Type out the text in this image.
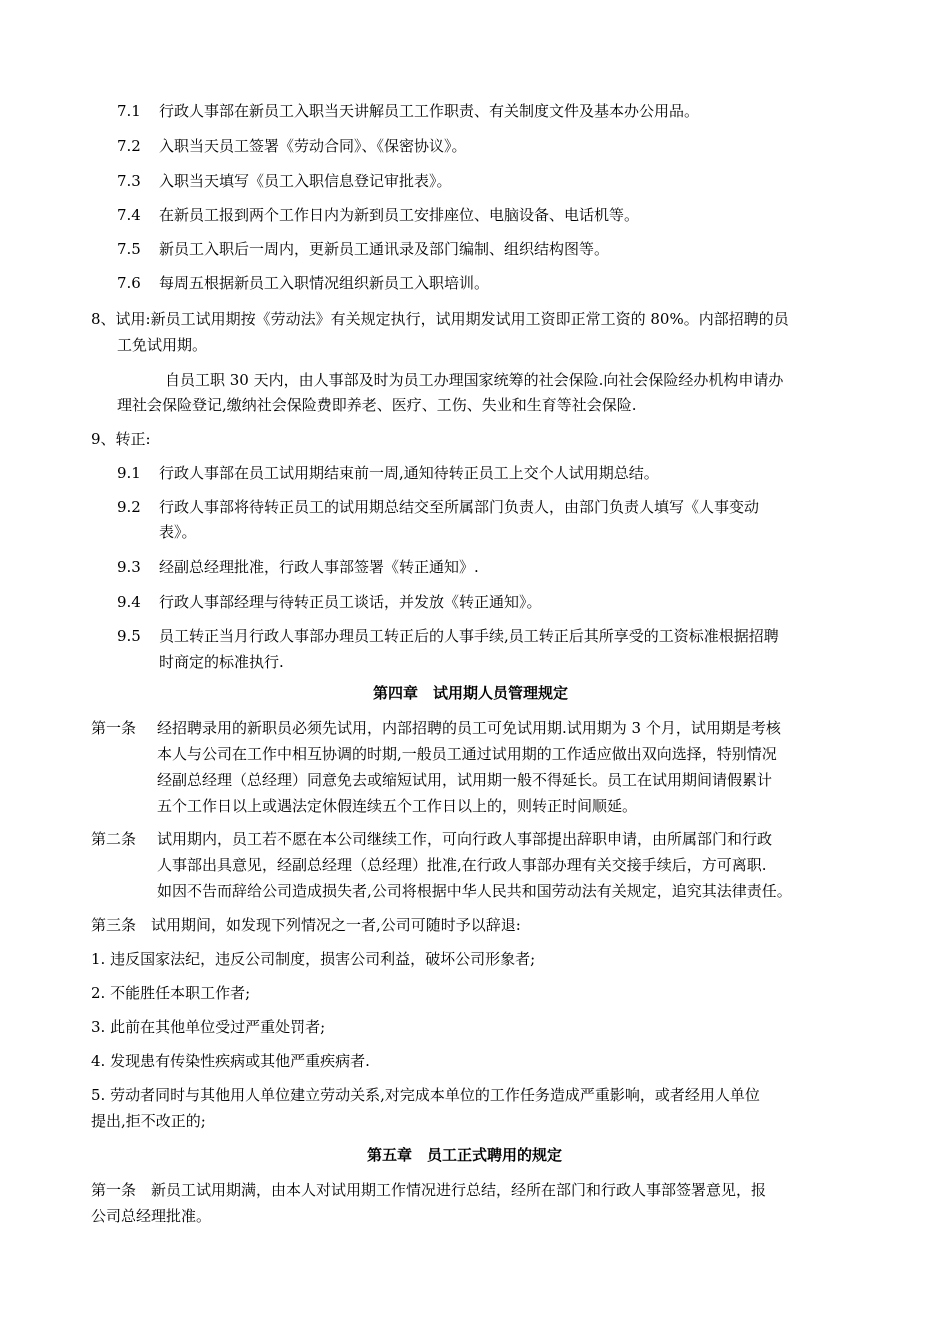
7.1 行政人事部在新员工入职当天讲解员工工作职责、有关制度文件及基本办公用品。
7.2 入职当天员工签署《劳动合同》、《保密协议》。
7.3 入职当天填写《员工入职信息登记审批表》。
7.4 在新员工报到两个工作日内为新到员工安排座位、电脑设备、电话机等。
7.5 新员工入职后一周内，更新员工通讯录及部门编制、组织结构图等。
7.6 每周五根据新员工入职情况组织新员工入职培训。
8、试用:新员工试用期按《劳动法》有关规定执行，试用期发试用工资即正常工资的 80%。内部招聘的员
工免试用期。
自员工职 30 天内，由人事部及时为员工办理国家统筹的社会保险.向社会保险经办机构申请办
理社会保险登记,缴纳社会保险费即养老、医疗、工伤、失业和生育等社会保险.
9、转正:
9.1 行政人事部在员工试用期结束前一周,通知待转正员工上交个人试用期总结。
9.2 行政人事部将待转正员工的试用期总结交至所属部门负责人，由部门负责人填写《人事变动
表》。
9.3 经副总经理批准，行政人事部签署《转正通知》.
9.4 行政人事部经理与待转正员工谈话，并发放《转正通知》。
9.5 员工转正当月行政人事部办理员工转正后的人事手续,员工转正后其所享受的工资标准根据招聘
时商定的标准执行.
第四章　试用期人员管理规定
第一条 经招聘录用的新职员必须先试用，内部招聘的员工可免试用期.试用期为 3 个月，试用期是考核
本人与公司在工作中相互协调的时期,一般员工通过试用期的工作适应做出双向选择，特别情况
经副总经理（总经理）同意免去或缩短试用，试用期一般不得延长。员工在试用期间请假累计
五个工作日以上或遇法定休假连续五个工作日以上的，则转正时间顺延。
第二条 试用期内，员工若不愿在本公司继续工作，可向行政人事部提出辞职申请，由所属部门和行政
人事部出具意见，经副总经理（总经理）批准,在行政人事部办理有关交接手续后，方可离职.
如因不告而辞给公司造成损失者,公司将根据中华人民共和国劳动法有关规定，追究其法律责任。
第三条　试用期间，如发现下列情况之一者,公司可随时予以辞退:
1. 违反国家法纪，违反公司制度，损害公司利益，破坏公司形象者;
2. 不能胜任本职工作者;
3. 此前在其他单位受过严重处罚者;
4. 发现患有传染性疾病或其他严重疾病者.
5. 劳动者同时与其他用人单位建立劳动关系,对完成本单位的工作任务造成严重影响，或者经用人单位
提出,拒不改正的;
第五章　员工正式聘用的规定
第一条　新员工试用期满，由本人对试用期工作情况进行总结，经所在部门和行政人事部签署意见，报
公司总经理批准。
